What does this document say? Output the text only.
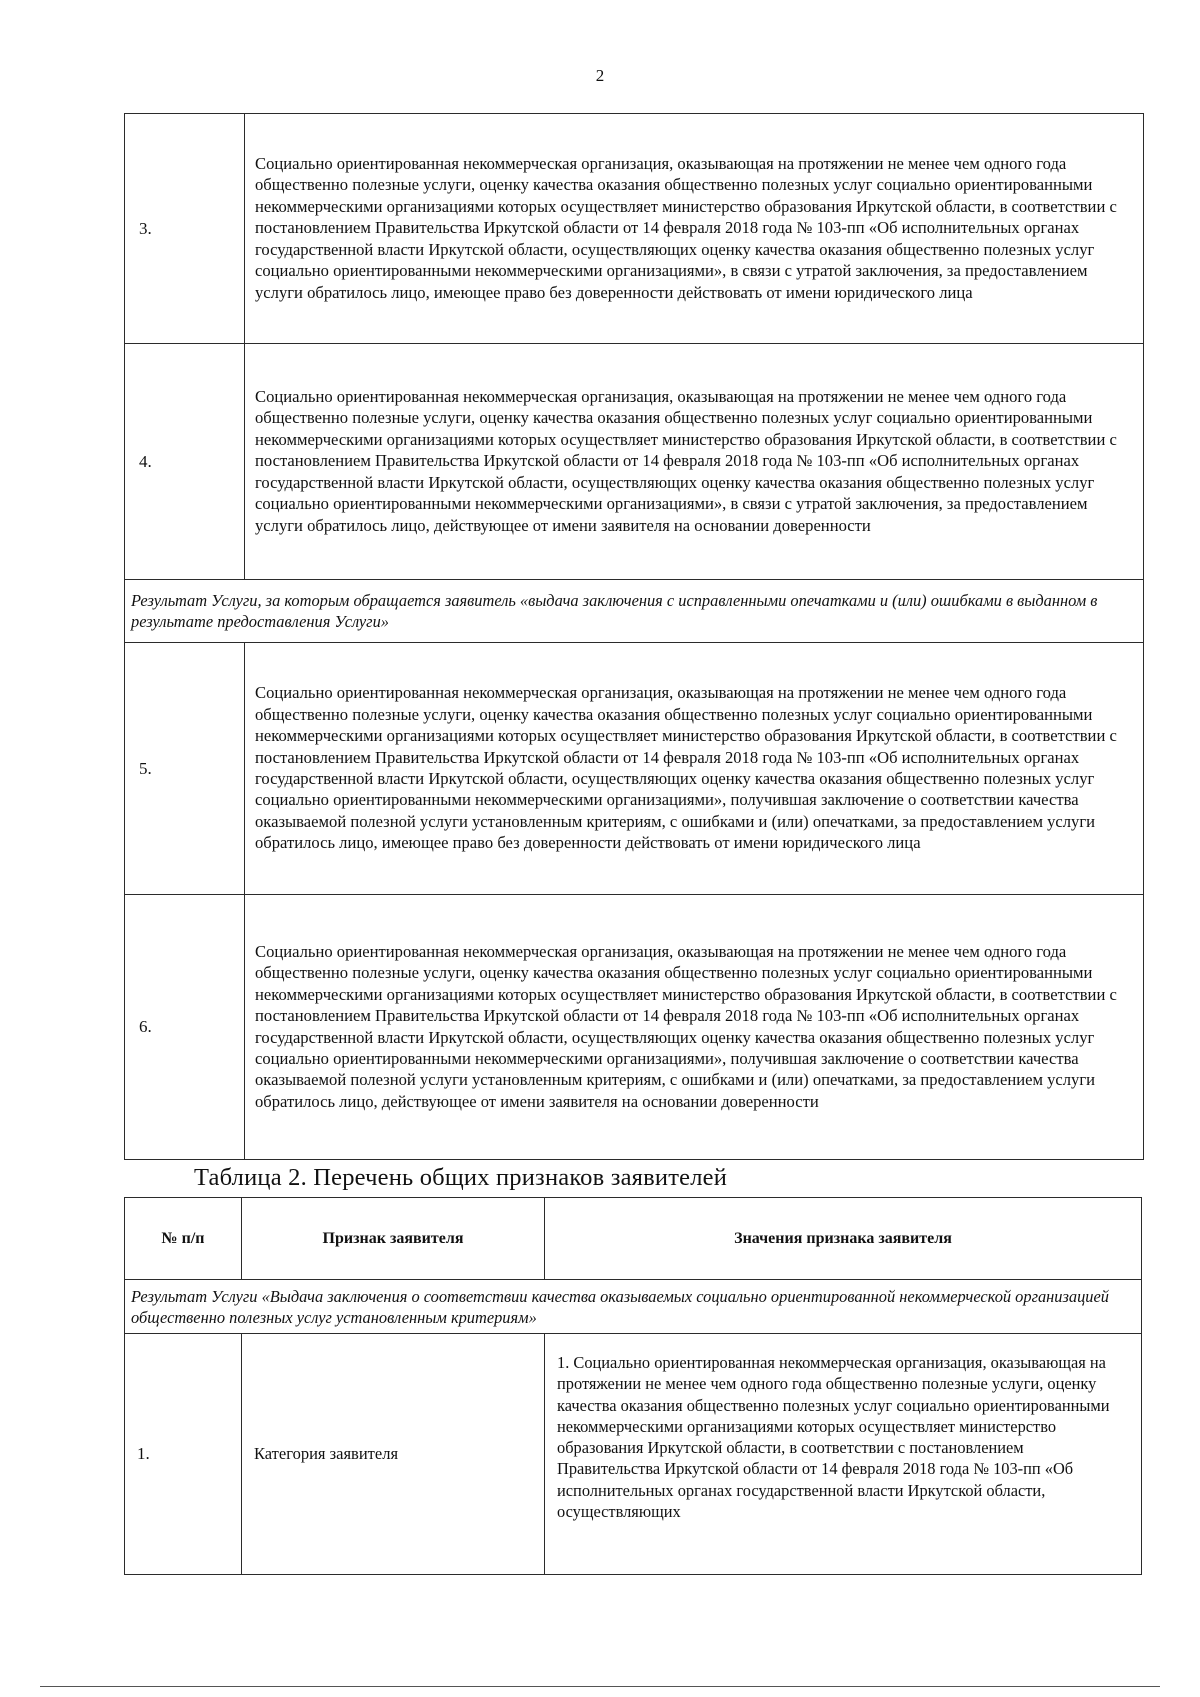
2
3.	Социально ориентированная некоммерческая организация, оказывающая на протяжении не менее чем одного года общественно полезные услуги, оценку качества оказания общественно полезных услуг социально ориентированными некоммерческими организациями которых осуществляет министерство образования Иркутской области, в соответствии с постановлением Правительства Иркутской области от 14 февраля 2018 года № 103-пп «Об исполнительных органах государственной власти Иркутской области, осуществляющих оценку качества оказания общественно полезных услуг социально ориентированными некоммерческими организациями», в связи с утратой заключения, за предоставлением услуги обратилось лицо, имеющее право без доверенности действовать от имени юридического лица
4.	Социально ориентированная некоммерческая организация, оказывающая на протяжении не менее чем одного года общественно полезные услуги, оценку качества оказания общественно полезных услуг социально ориентированными некоммерческими организациями которых осуществляет министерство образования Иркутской области, в соответствии с постановлением Правительства Иркутской области от 14 февраля 2018 года № 103-пп «Об исполнительных органах государственной власти Иркутской области, осуществляющих оценку качества оказания общественно полезных услуг социально ориентированными некоммерческими организациями», в связи с утратой заключения, за предоставлением услуги обратилось лицо, действующее от имени заявителя на основании доверенности
Результат Услуги, за которым обращается заявитель «выдача заключения с исправленными опечатками и (или) ошибками в выданном в результате предоставления Услуги»	
5.	Социально ориентированная некоммерческая организация, оказывающая на протяжении не менее чем одного года общественно полезные услуги, оценку качества оказания общественно полезных услуг социально ориентированными некоммерческими организациями которых осуществляет министерство образования Иркутской области, в соответствии с постановлением Правительства Иркутской области от 14 февраля 2018 года № 103-пп «Об исполнительных органах государственной власти Иркутской области, осуществляющих оценку качества оказания общественно полезных услуг социально ориентированными некоммерческими организациями», получившая заключение о соответствии качества оказываемой полезной услуги установленным критериям, с ошибками и (или) опечатками, за предоставлением услуги обратилось лицо, имеющее право без доверенности действовать от имени юридического лица
6.	Социально ориентированная некоммерческая организация, оказывающая на протяжении не менее чем одного года общественно полезные услуги, оценку качества оказания общественно полезных услуг социально ориентированными некоммерческими организациями которых осуществляет министерство образования Иркутской области, в соответствии с постановлением Правительства Иркутской области от 14 февраля 2018 года № 103-пп «Об исполнительных органах государственной власти Иркутской области, осуществляющих оценку качества оказания общественно полезных услуг социально ориентированными некоммерческими организациями», получившая заключение о соответствии качества оказываемой полезной услуги установленным критериям, с ошибками и (или) опечатками, за предоставлением услуги обратилось лицо, действующее от имени заявителя на основании доверенности
Таблица 2. Перечень общих признаков заявителей
№ п/п	Признак заявителя	Значения признака заявителя
Результат Услуги «Выдача заключения о соответствии качества оказываемых социально ориентированной некоммерческой организацией общественно полезных услуг установленным критериям»		
1.	Категория заявителя	1. Социально ориентированная некоммерческая организация, оказывающая на протяжении не менее чем одного года общественно полезные услуги, оценку качества оказания общественно полезных услуг социально ориентированными некоммерческими организациями которых осуществляет министерство образования Иркутской области, в соответствии с постановлением Правительства Иркутской области от 14 февраля 2018 года № 103-пп «Об исполнительных органах государственной власти Иркутской области, осуществляющих
